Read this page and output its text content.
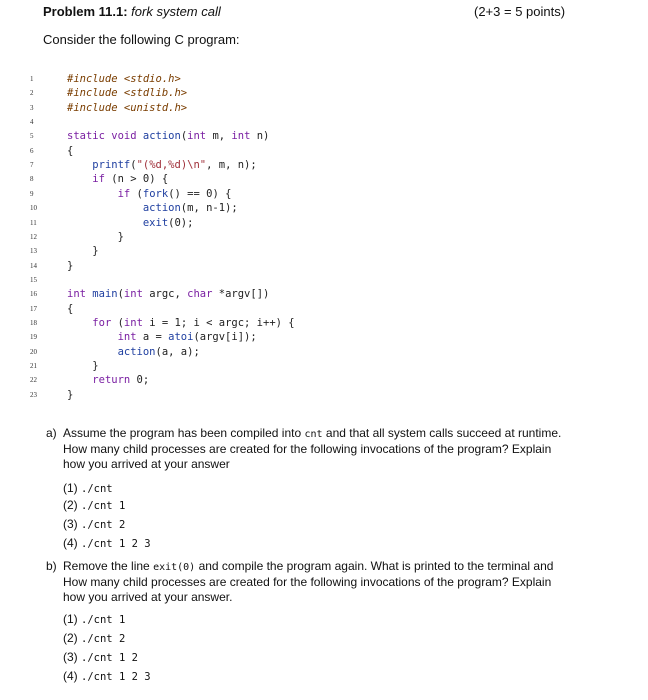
Problem 11.1: fork system call	(2+3 = 5 points)
Consider the following C program:
1	#include <stdio.h>
2	#include <stdlib.h>
3	#include <unistd.h>
4
5	static void action(int m, int n)
6	{
7	printf("(%d,%d)\n", m, n);
8	if (n > 0) {
9	if (fork() == 0) {
10	action(m, n-1);
11	exit(0);
12	}
13	}
14	}
15
16	int main(int argc, char *argv[])
17	{
18	for (int i = 1; i < argc; i++) {
19	int a = atoi(argv[i]);
20	action(a, a);
21	}
22	return 0;
23	}
a) Assume the program has been compiled into cnt and that all system calls succeed at runtime.
How many child processes are created for the following invocations of the program? Explain
how you arrived at your answer
(1) ./cnt
(2) ./cnt 1
(3) ./cnt 2
(4) ./cnt 1 2 3
b) Remove the line exit(0) and compile the program again. What is printed to the terminal and
How many child processes are created for the following invocations of the program? Explain
how you arrived at your answer.
(1) ./cnt 1
(2) ./cnt 2
(3) ./cnt 1 2
(4) ./cnt 1 2 3
